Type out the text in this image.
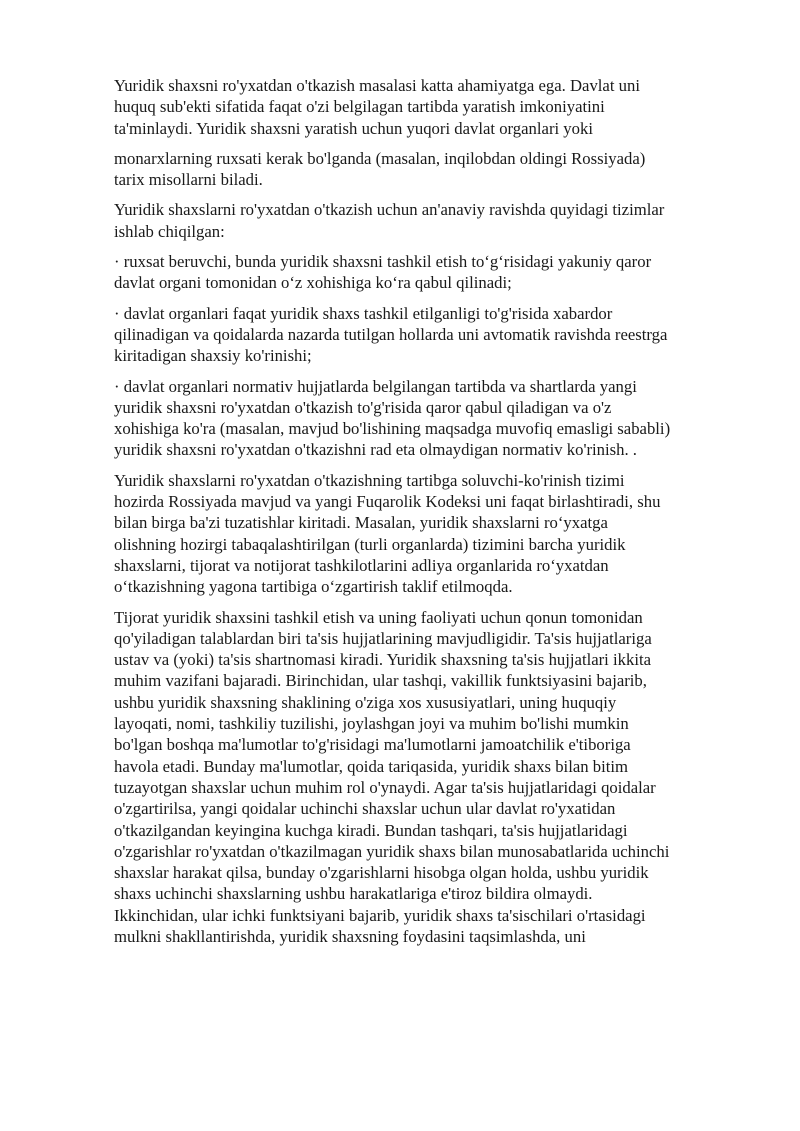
Yuridik shaxsni ro'yxatdan o'tkazish masalasi katta ahamiyatga ega. Davlat uni
huquq sub'ekti sifatida faqat o'zi belgilagan tartibda yaratish imkoniyatini
ta'minlaydi. Yuridik shaxsni yaratish uchun yuqori davlat organlari yoki
monarxlarning ruxsati kerak bo'lganda (masalan, inqilobdan oldingi Rossiyada)
tarix misollarni biladi.
Yuridik shaxslarni ro'yxatdan o'tkazish uchun an'anaviy ravishda quyidagi tizimlar
ishlab chiqilgan:
· ruxsat beruvchi, bunda yuridik shaxsni tashkil etish to‘g‘risidagi yakuniy qaror
davlat organi tomonidan o‘z xohishiga ko‘ra qabul qilinadi;
· davlat organlari faqat yuridik shaxs tashkil etilganligi to'g'risida xabardor
qilinadigan va qoidalarda nazarda tutilgan hollarda uni avtomatik ravishda reestrga
kiritadigan shaxsiy ko'rinishi;
· davlat organlari normativ hujjatlarda belgilangan tartibda va shartlarda yangi
yuridik shaxsni ro'yxatdan o'tkazish to'g'risida qaror qabul qiladigan va o'z
xohishiga ko'ra (masalan, mavjud bo'lishining maqsadga muvofiq emasligi sababli)
yuridik shaxsni ro'yxatdan o'tkazishni rad eta olmaydigan normativ ko'rinish. .
Yuridik shaxslarni ro'yxatdan o'tkazishning tartibga soluvchi-ko'rinish tizimi
hozirda Rossiyada mavjud va yangi Fuqarolik Kodeksi uni faqat birlashtiradi, shu
bilan birga ba'zi tuzatishlar kiritadi. Masalan, yuridik shaxslarni ro‘yxatga
olishning hozirgi tabaqalashtirilgan (turli organlarda) tizimini barcha yuridik
shaxslarni, tijorat va notijorat tashkilotlarini adliya organlarida ro‘yxatdan
o‘tkazishning yagona tartibiga o‘zgartirish taklif etilmoqda.
Tijorat yuridik shaxsini tashkil etish va uning faoliyati uchun qonun tomonidan
qo'yiladigan talablardan biri ta'sis hujjatlarining mavjudligidir. Ta'sis hujjatlariga
ustav va (yoki) ta'sis shartnomasi kiradi. Yuridik shaxsning ta'sis hujjatlari ikkita
muhim vazifani bajaradi. Birinchidan, ular tashqi, vakillik funktsiyasini bajarib,
ushbu yuridik shaxsning shaklining o'ziga xos xususiyatlari, uning huquqiy
layoqati, nomi, tashkiliy tuzilishi, joylashgan joyi va muhim bo'lishi mumkin
bo'lgan boshqa ma'lumotlar to'g'risidagi ma'lumotlarni jamoatchilik e'tiboriga
havola etadi. Bunday ma'lumotlar, qoida tariqasida, yuridik shaxs bilan bitim
tuzayotgan shaxslar uchun muhim rol o'ynaydi. Agar ta'sis hujjatlaridagi qoidalar
o'zgartirilsa, yangi qoidalar uchinchi shaxslar uchun ular davlat ro'yxatidan
o'tkazilgandan keyingina kuchga kiradi. Bundan tashqari, ta'sis hujjatlaridagi
o'zgarishlar ro'yxatdan o'tkazilmagan yuridik shaxs bilan munosabatlarida uchinchi
shaxslar harakat qilsa, bunday o'zgarishlarni hisobga olgan holda, ushbu yuridik
shaxs uchinchi shaxslarning ushbu harakatlariga e'tiroz bildira olmaydi.
Ikkinchidan, ular ichki funktsiyani bajarib, yuridik shaxs ta'sischilari o'rtasidagi
mulkni shakllantirishda, yuridik shaxsning foydasini taqsimlashda, uni
